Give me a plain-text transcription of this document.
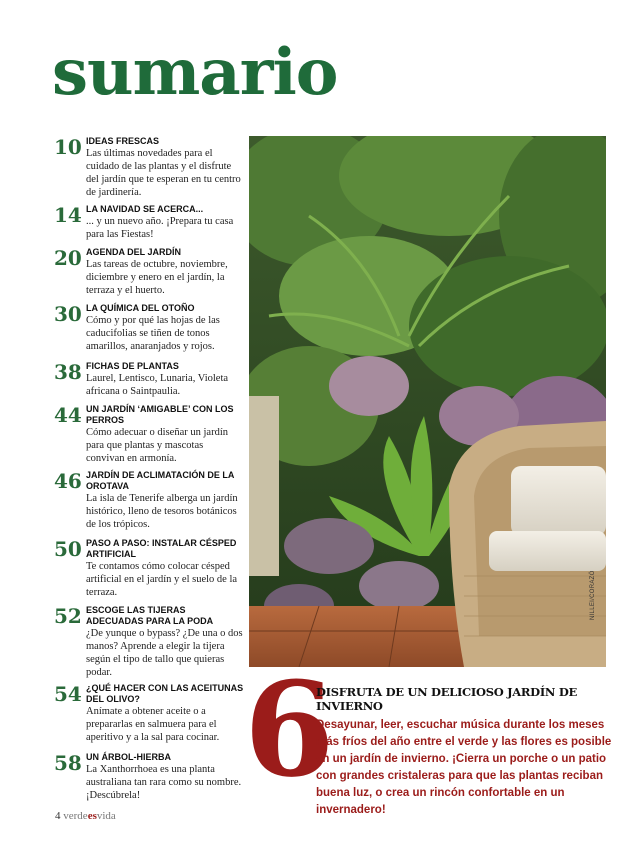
sumario
10 IDEAS FRESCAS
Las últimas novedades para el cuidado de las plantas y el disfrute del jardín que te esperan en tu centro de jardinería.
14 LA NAVIDAD SE ACERCA...
... y un nuevo año. ¡Prepara tu casa para las Fiestas!
20 AGENDA DEL JARDÍN
Las tareas de octubre, noviembre, diciembre y enero en el jardín, la terraza y el huerto.
30 LA QUÍMICA DEL OTOÑO
Cómo y por qué las hojas de las caducifolias se tiñen de tonos amarillos, anaranjados y rojos.
38 FICHAS DE PLANTAS
Laurel, Lentisco, Lunaria, Violeta africana o Saintpaulia.
44 UN JARDÍN ‘AMIGABLE’ CON LOS PERROS
Cómo adecuar o diseñar un jardín para que plantas y mascotas convivan en armonía.
46 JARDÍN DE ACLIMATACIÓN DE LA OROTAVA
La isla de Tenerife alberga un jardín histórico, lleno de tesoros botánicos de los trópicos.
50 PASO A PASO: INSTALAR CÉSPED ARTIFICIAL
Te contamos cómo colocar césped artificial en el jardín y el suelo de la terraza.
52 ESCOGE LAS TIJERAS ADECUADAS PARA LA PODA
¿De yunque o bypass? ¿De una o dos manos? Aprende a elegir la tijera según el tipo de tallo que quieras podar.
54 ¿QUÉ HACER CON LAS ACEITUNAS DEL OLIVO?
Anímate a obtener aceite o a prepararlas en salmuera para el aperitivo y a la sal para cocinar.
58 UN ÁRBOL-HIERBA
La Xanthorrhoea es una planta australiana tan rara como su nombre. ¡Descúbrela!
NILLEI/CORAZÓ
6
DISFRUTA DE UN DELICIOSO JARDÍN DE INVIERNO
Desayunar, leer, escuchar música durante los meses más fríos del año entre el verde y las flores es posible en un jardín de invierno. ¡Cierra un porche o un patio con grandes cristaleras para que las plantas reciban buena luz, o crea un rincón confortable en un invernadero!
4 verdeesvida
